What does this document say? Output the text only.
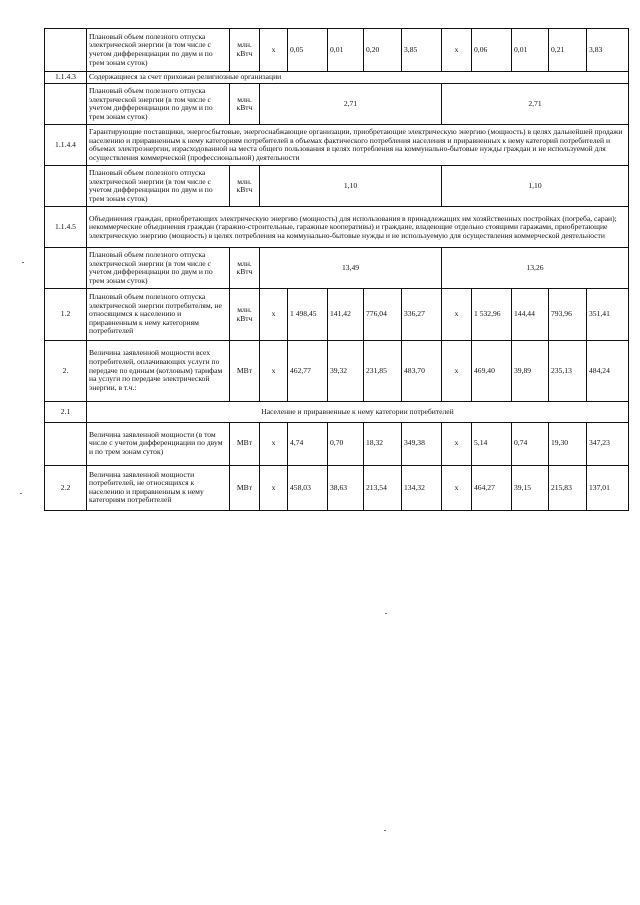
	Плановый объем полезного отпуска электрической энергии (в том числе с учетом дифференциации по двум и по трем зонам суток)	млн. кВтч	x	0,05	0,01	0,20	3,85	x	0,06	0,01	0,21	3,83
1.1.4.3	Содержащиеся за счет прихожан религиозные организации											
	Плановый объем полезного отпуска электрической энергии (в том числе с учетом дифференциации по двум и по трем зонам суток)	млн. кВтч	2,71					2,71				
1.1.4.4	Гарантирующие поставщики, энергосбытовые, энергоснабжающие организации, приобретающие электрическую энергию (мощность) в целях дальнейшей продажи населению и приравненным к нему категориям потребителей в объемах фактического потребления населения и приравненных к нему категорий потребителей и объемах электроэнергии, израсходованной на места общего пользования в целях потребления на коммунально-бытовые нужды граждан и не используемой для осуществления коммерческой (профессиональной) деятельности											
	Плановый объем полезного отпуска электрической энергии (в том числе с учетом дифференциации по двум и по трем зонам суток)	млн. кВтч	1,10					1,10				
1.1.4.5	Объединения граждан, приобретающих электрическую энергию (мощность) для использования в принадлежащих им хозяйственных постройках (погреба, сараи); некоммерческие объединения граждан (гаражно-строительные, гаражные кооперативы) и граждане, владеющие отдельно стоящими гаражами, приобретающие электрическую энергию (мощность) в целях потребления на коммунально-бытовые нужды и не используемую для осуществления коммерческой деятельности											
	Плановый объем полезного отпуска электрической энергии (в том числе с учетом дифференциации по двум и по трем зонам суток)	млн. кВтч	13,49					13,26				
1.2	Плановый объем полезного отпуска электрической энергии потребителям, не относящимся к населению и приравненным к нему категориям потребителей	млн. кВтч	x	1 498,45	141,42	776,04	336,27	x	1 532,96	144,44	793,96	351,41
2.	Величина заявленной мощности всех потребителей, оплачивающих услуги по передаче по единым (котловым) тарифам на услуги по передаче электрической энергии, в т.ч.:	МВт	x	462,77	39,32	231,85	483,70	x	469,40	39,89	235,13	484,24
2.1	Население и приравненные к нему категории потребителей											
	Величина заявленной мощности (в том числе с учетом дифференциации по двум и по трем зонам суток)	МВт	x	4,74	0,70	18,32	349,38	x	5,14	0,74	19,30	347,23
2.2	Величина заявленной мощности потребителей, не относящихся к населению и приравненным к нему категориям потребителей	МВт	x	458,03	38,63	213,54	134,32	x	464,27	39,15	215,83	137,01
